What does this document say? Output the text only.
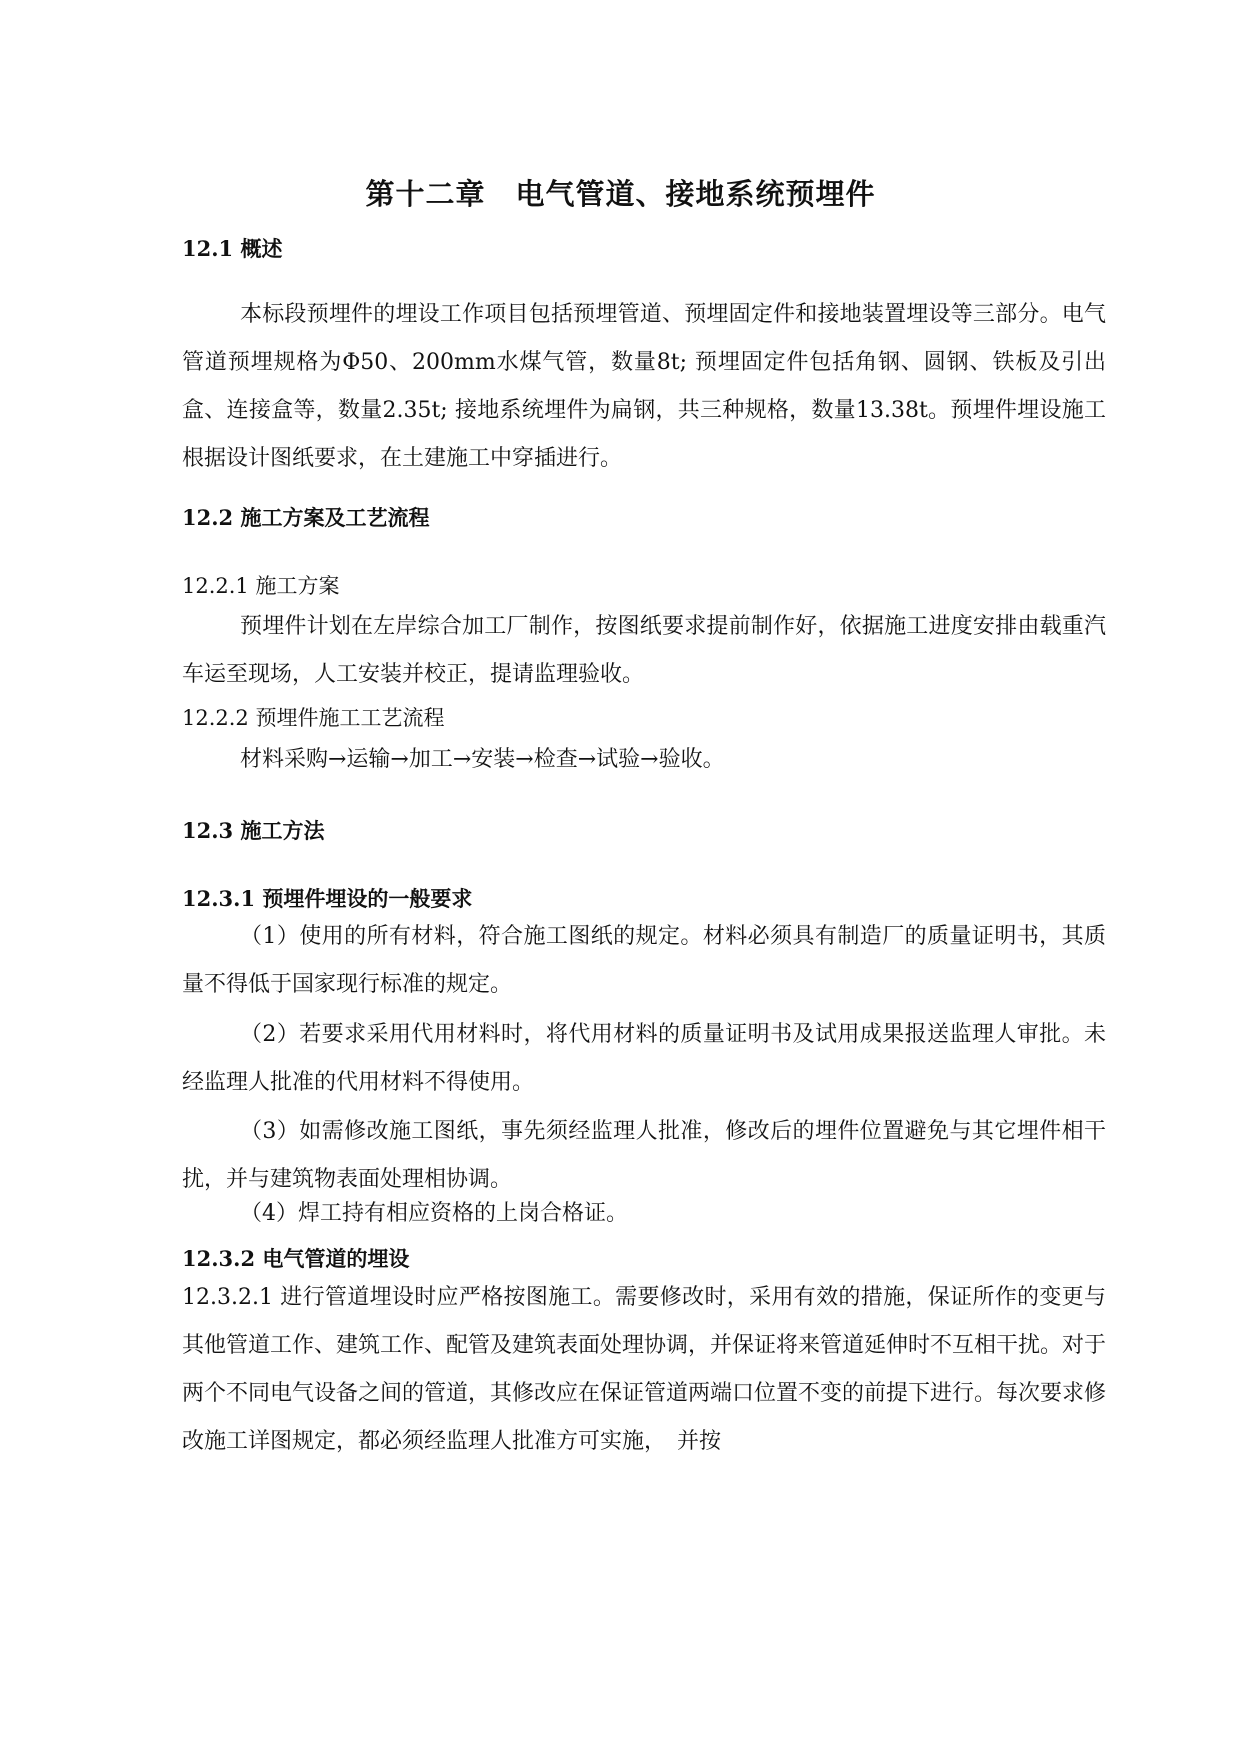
第十二章 电气管道、接地系统预埋件
12.1 概述
本标段预埋件的埋设工作项目包括预埋管道、预埋固定件和接地装置埋设等三部分。电气管道预埋规格为Φ50、200mm水煤气管，数量8t; 预埋固定件包括角钢、圆钢、铁板及引出盒、连接盒等，数量2.35t; 接地系统埋件为扁钢，共三种规格，数量13.38t。预埋件埋设施工根据设计图纸要求，在土建施工中穿插进行。
12.2 施工方案及工艺流程
12.2.1 施工方案
预埋件计划在左岸综合加工厂制作，按图纸要求提前制作好，依据施工进度安排由载重汽车运至现场，人工安装并校正，提请监理验收。
12.2.2 预埋件施工工艺流程
材料采购→运输→加工→安装→检查→试验→验收。
12.3 施工方法
12.3.1 预埋件埋设的一般要求
（1）使用的所有材料，符合施工图纸的规定。材料必须具有制造厂的质量证明书，其质量不得低于国家现行标准的规定。
（2）若要求采用代用材料时，将代用材料的质量证明书及试用成果报送监理人审批。未经监理人批准的代用材料不得使用。
（3）如需修改施工图纸，事先须经监理人批准，修改后的埋件位置避免与其它埋件相干扰，并与建筑物表面处理相协调。
（4）焊工持有相应资格的上岗合格证。
12.3.2 电气管道的埋设
12.3.2.1 进行管道埋设时应严格按图施工。需要修改时，采用有效的措施，保证所作的变更与其他管道工作、建筑工作、配管及建筑表面处理协调，并保证将来管道延伸时不互相干扰。对于两个不同电气设备之间的管道，其修改应在保证管道两端口位置不变的前提下进行。每次要求修改施工详图规定，都必须经监理人批准方可实施，　并按
